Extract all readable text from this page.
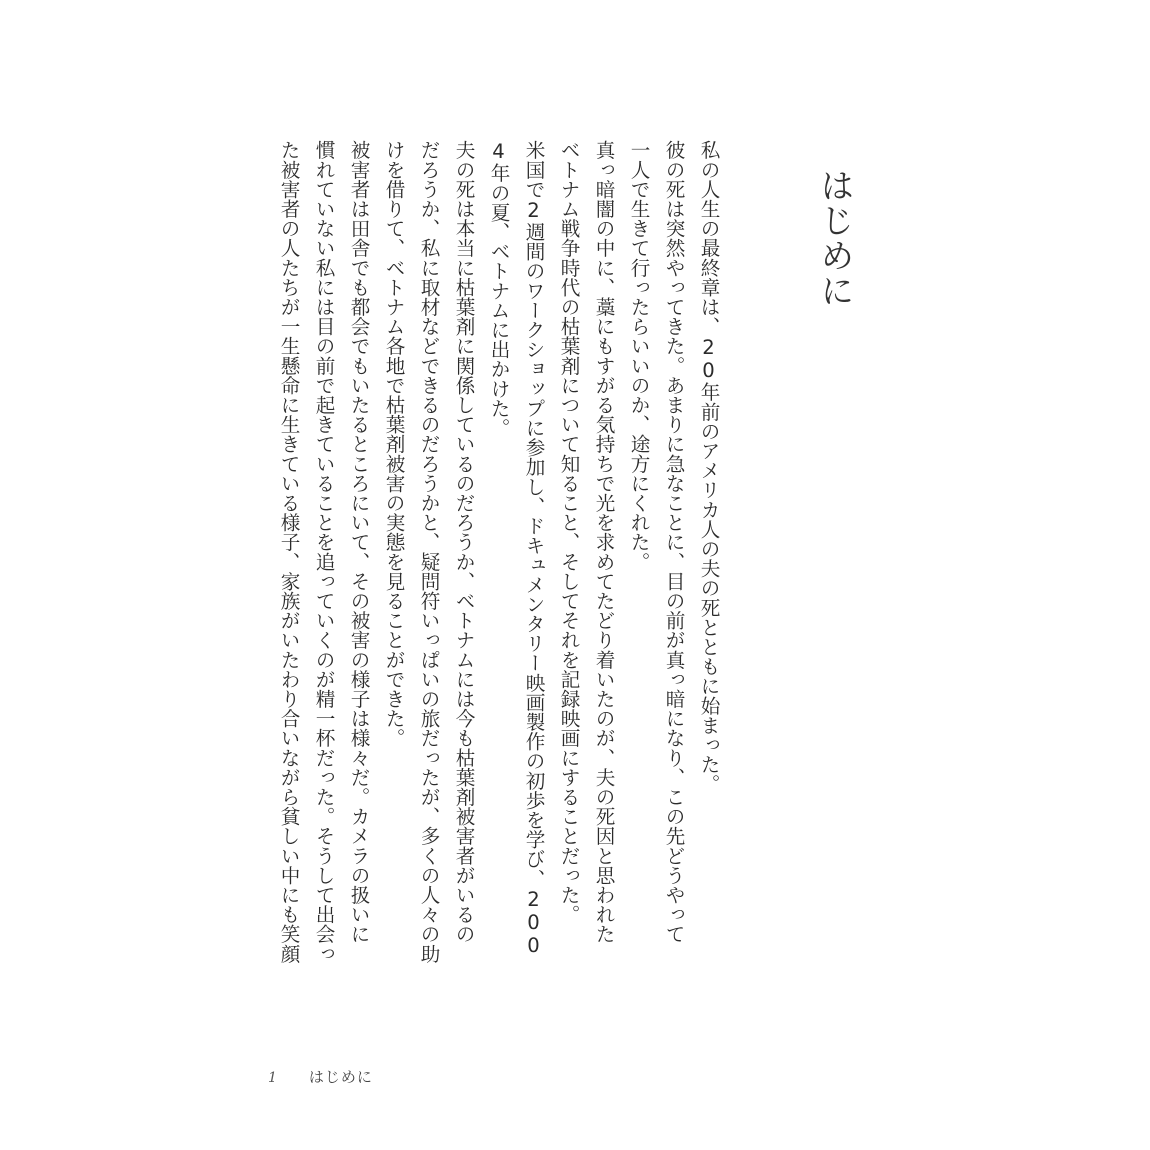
はじめに
私の人生の最終章は、20年前のアメリカ人の夫の死とともに始まった。
彼の死は突然やってきた。あまりに急なことに、目の前が真っ暗になり、この先どうやって
一人で生きて行ったらいいのか、途方にくれた。
真っ暗闇の中に、藁にもすがる気持ちで光を求めてたどり着いたのが、夫の死因と思われた
ベトナム戦争時代の枯葉剤について知ること、そしてそれを記録映画にすることだった。
米国で2週間のワークショップに参加し、ドキュメンタリー映画製作の初歩を学び、200
4年の夏、ベトナムに出かけた。
夫の死は本当に枯葉剤に関係しているのだろうか、ベトナムには今も枯葉剤被害者がいるの
だろうか、私に取材などできるのだろうかと、疑問符いっぱいの旅だったが、多くの人々の助
けを借りて、ベトナム各地で枯葉剤被害の実態を見ることができた。
被害者は田舎でも都会でもいたるところにいて、その被害の様子は様々だ。カメラの扱いに
慣れていない私には目の前で起きていることを追っていくのが精一杯だった。そうして出会っ
た被害者の人たちが一生懸命に生きている様子、家族がいたわり合いながら貧しい中にも笑顔
1 はじめに
